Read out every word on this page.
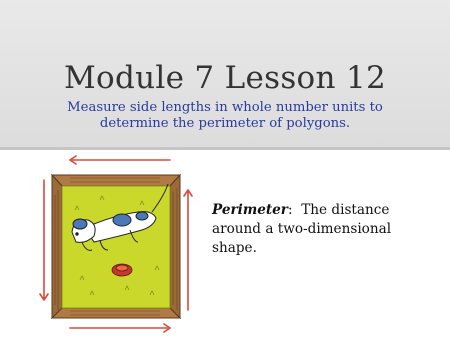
Module 7 Lesson 12
Measure side lengths in whole number units to determine the perimeter of polygons.
Perimeter:  The distance around a two-dimensional shape.
